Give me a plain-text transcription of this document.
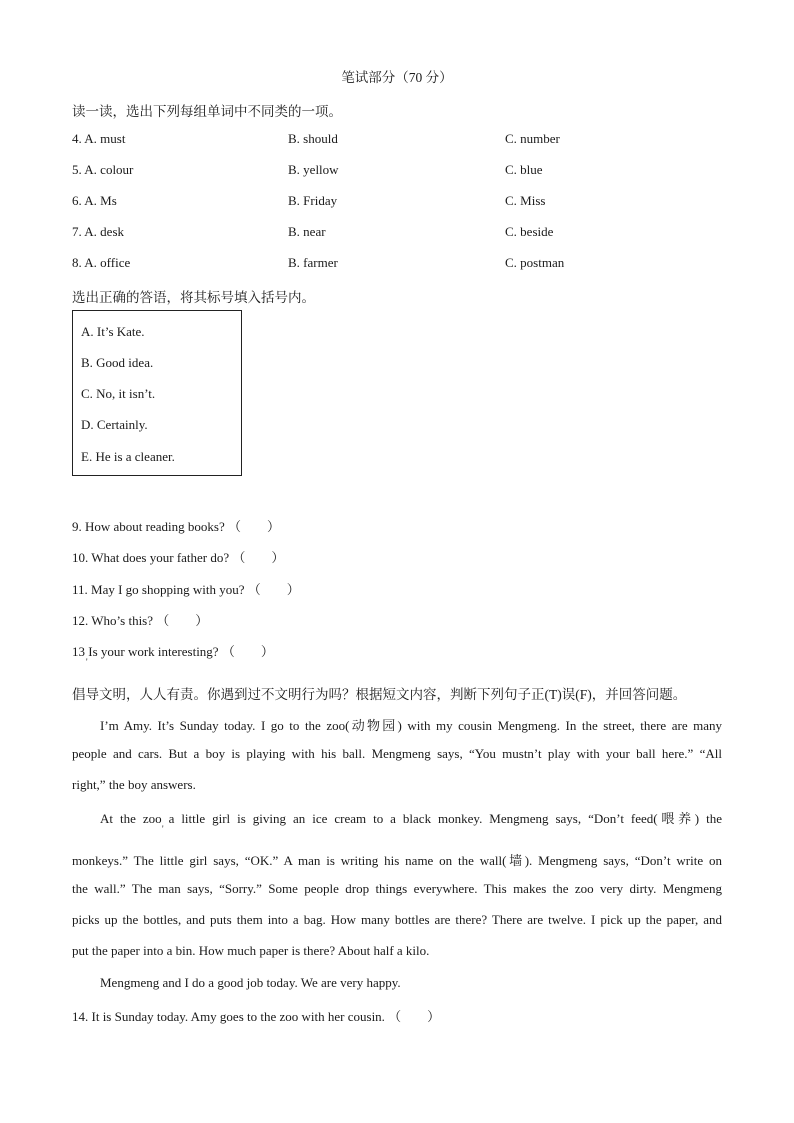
笔试部分（70 分）
读一读，选出下列每组单词中不同类的一项。
4. A. must	B. should	C. number
5. A. colour	B. yellow	C. blue
6. A. Ms	B. Friday	C. Miss
7. A. desk	B. near	C. beside
8. A. office	B. farmer	C. postman
选出正确的答语，将其标号填入括号内。
A. It’s Kate.
B. Good idea.
C. No, it isn’t.
D. Certainly.
E. He is a cleaner.
9. How about reading books? （　　）
10. What does your father do? （　　）
11. May I go shopping with you? （　　）
12. Who’s this? （　　）
13 Is your work interesting? （　　）
'
倡导文明，人人有责。你遇到过不文明行为吗？根据短文内容，判断下列句子正(T)误(F)，并回答问题。
I’m Amy. It’s Sunday today. I go to the zoo(动物园) with my cousin Mengmeng. In the street, there are many
people and cars. But a boy is playing with his ball. Mengmeng says, “You mustn’t play with your ball here.” “All
right,” the boy answers.
At the zoo a little girl is giving an ice cream to a black monkey. Mengmeng says, “Don’t feed(喂养) the
'
monkeys.” The little girl says, “OK.” A man is writing his name on the wall(墙). Mengmeng says, “Don’t write on
the wall.” The man says, “Sorry.” Some people drop things everywhere. This makes the zoo very dirty. Mengmeng
picks up the bottles, and puts them into a bag. How many bottles are there? There are twelve. I pick up the paper, and
put the paper into a bin. How much paper is there? About half a kilo.
Mengmeng and I do a good job today. We are very happy.
14. It is Sunday today. Amy goes to the zoo with her cousin. （　　）
